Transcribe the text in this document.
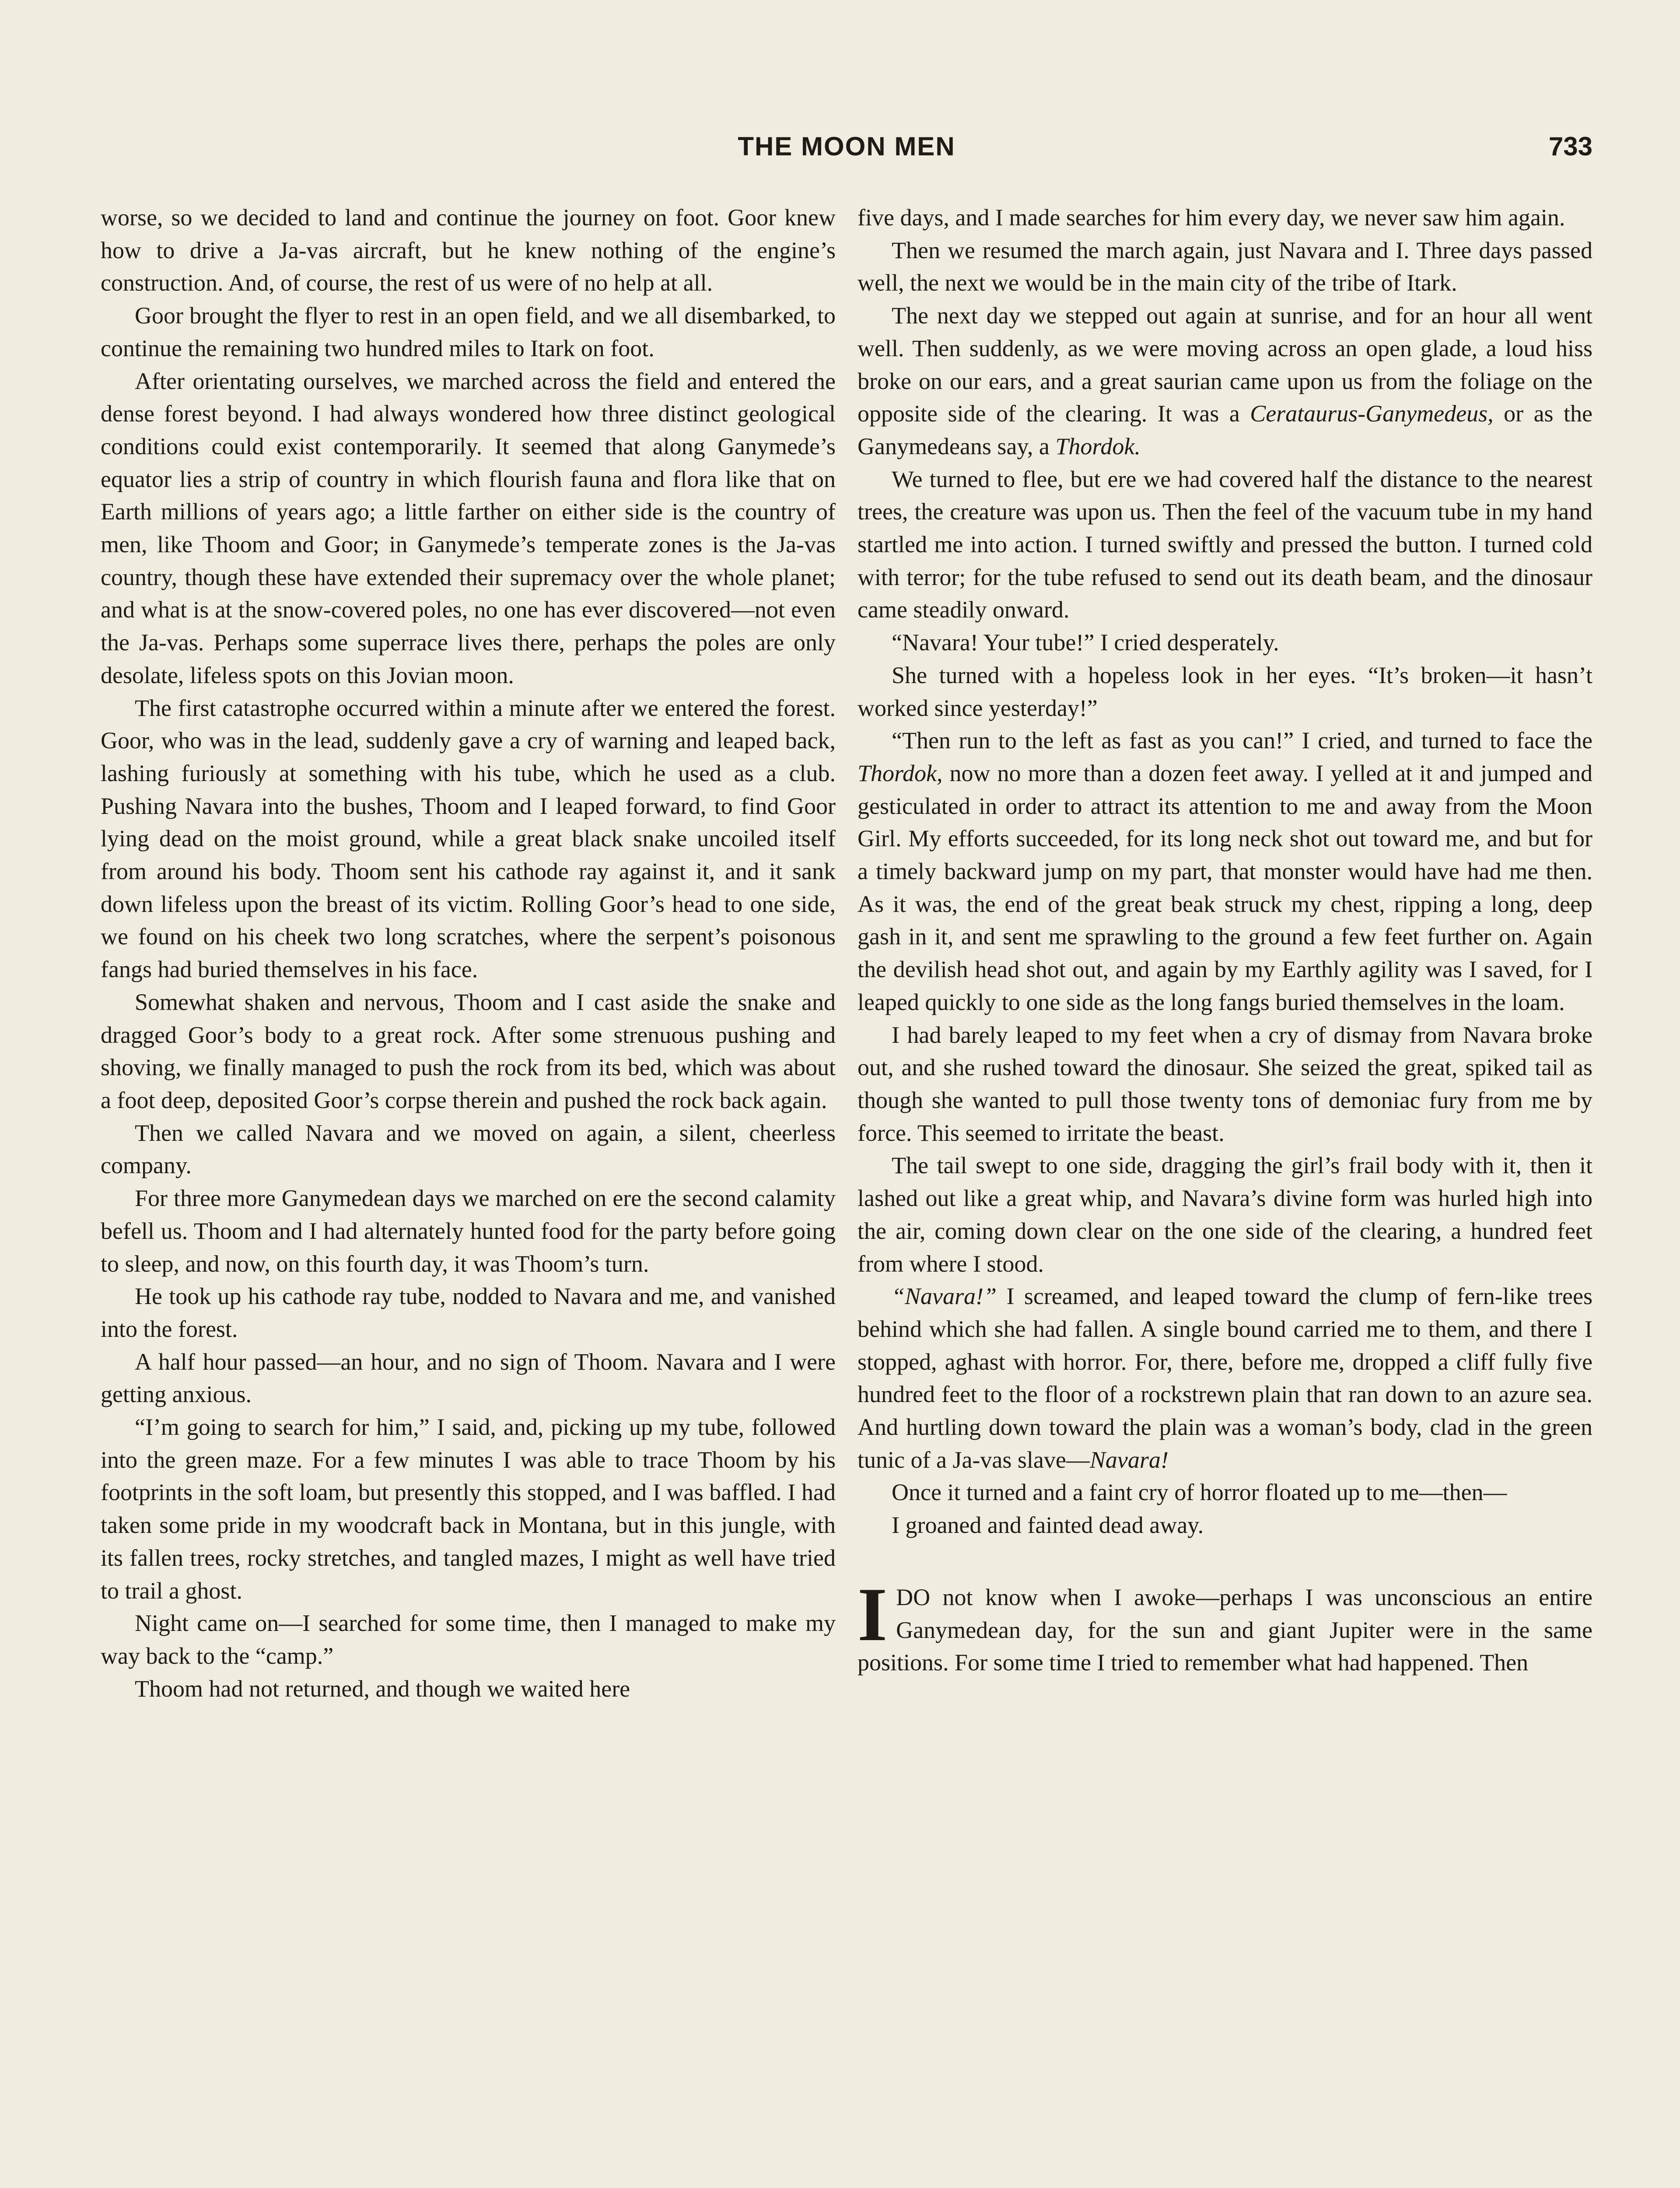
THE MOON MEN	733

worse, so we decided to land and continue the journey on foot. Goor knew how to drive a Ja-vas aircraft, but he knew nothing of the engine’s construction. And, of course, the rest of us were of no help at all.

Goor brought the flyer to rest in an open field, and we all disembarked, to continue the remaining two hundred miles to Itark on foot.

After orientating ourselves, we marched across the field and entered the dense forest beyond. I had always wondered how three distinct geological conditions could exist contemporarily. It seemed that along Ganymede’s equator lies a strip of country in which flourish fauna and flora like that on Earth millions of years ago; a little farther on either side is the country of men, like Thoom and Goor; in Ganymede’s temperate zones is the Ja-vas country, though these have extended their supremacy over the whole planet; and what is at the snow-covered poles, no one has ever discovered—not even the Ja-vas. Perhaps some superrace lives there, perhaps the poles are only desolate, lifeless spots on this Jovian moon.

The first catastrophe occurred within a minute after we entered the forest. Goor, who was in the lead, suddenly gave a cry of warning and leaped back, lashing furiously at something with his tube, which he used as a club. Pushing Navara into the bushes, Thoom and I leaped forward, to find Goor lying dead on the moist ground, while a great black snake uncoiled itself from around his body. Thoom sent his cathode ray against it, and it sank down lifeless upon the breast of its victim. Rolling Goor’s head to one side, we found on his cheek two long scratches, where the serpent’s poisonous fangs had buried themselves in his face.

Somewhat shaken and nervous, Thoom and I cast aside the snake and dragged Goor’s body to a great rock. After some strenuous pushing and shoving, we finally managed to push the rock from its bed, which was about a foot deep, deposited Goor’s corpse therein and pushed the rock back again.

Then we called Navara and we moved on again, a silent, cheerless company.

For three more Ganymedean days we marched on ere the second calamity befell us. Thoom and I had alternately hunted food for the party before going to sleep, and now, on this fourth day, it was Thoom’s turn.

He took up his cathode ray tube, nodded to Navara and me, and vanished into the forest.

A half hour passed—an hour, and no sign of Thoom. Navara and I were getting anxious.

“I’m going to search for him,” I said, and, picking up my tube, followed into the green maze. For a few minutes I was able to trace Thoom by his footprints in the soft loam, but presently this stopped, and I was baffled. I had taken some pride in my woodcraft back in Montana, but in this jungle, with its fallen trees, rocky stretches, and tangled mazes, I might as well have tried to trail a ghost.

Night came on—I searched for some time, then I managed to make my way back to the “camp.”

Thoom had not returned, and though we waited here

five days, and I made searches for him every day, we never saw him again.

Then we resumed the march again, just Navara and I. Three days passed well, the next we would be in the main city of the tribe of Itark.

The next day we stepped out again at sunrise, and for an hour all went well. Then suddenly, as we were moving across an open glade, a loud hiss broke on our ears, and a great saurian came upon us from the foliage on the opposite side of the clearing. It was a Cerataurus-Ganymedeus, or as the Ganymedeans say, a Thordok.

We turned to flee, but ere we had covered half the distance to the nearest trees, the creature was upon us. Then the feel of the vacuum tube in my hand startled me into action. I turned swiftly and pressed the button. I turned cold with terror; for the tube refused to send out its death beam, and the dinosaur came steadily onward.

“Navara! Your tube!” I cried desperately.

She turned with a hopeless look in her eyes. “It’s broken—it hasn’t worked since yesterday!”

“Then run to the left as fast as you can!” I cried, and turned to face the Thordok, now no more than a dozen feet away. I yelled at it and jumped and gesticulated in order to attract its attention to me and away from the Moon Girl. My efforts succeeded, for its long neck shot out toward me, and but for a timely backward jump on my part, that monster would have had me then. As it was, the end of the great beak struck my chest, ripping a long, deep gash in it, and sent me sprawling to the ground a few feet further on. Again the devilish head shot out, and again by my Earthly agility was I saved, for I leaped quickly to one side as the long fangs buried themselves in the loam.

I had barely leaped to my feet when a cry of dismay from Navara broke out, and she rushed toward the dinosaur. She seized the great, spiked tail as though she wanted to pull those twenty tons of demoniac fury from me by force. This seemed to irritate the beast.

The tail swept to one side, dragging the girl’s frail body with it, then it lashed out like a great whip, and Navara’s divine form was hurled high into the air, coming down clear on the one side of the clearing, a hundred feet from where I stood.

“Navara!” I screamed, and leaped toward the clump of fern-like trees behind which she had fallen. A single bound carried me to them, and there I stopped, aghast with horror. For, there, before me, dropped a cliff fully five hundred feet to the floor of a rockstrewn plain that ran down to an azure sea. And hurtling down toward the plain was a woman’s body, clad in the green tunic of a Ja-vas slave—Navara!

Once it turned and a faint cry of horror floated up to me—then—

I groaned and fainted dead away.

IDO not know when I awoke—perhaps I was unconscious an entire Ganymedean day, for the sun and giant Jupiter were in the same positions. For some time I tried to remember what had happened. Then
